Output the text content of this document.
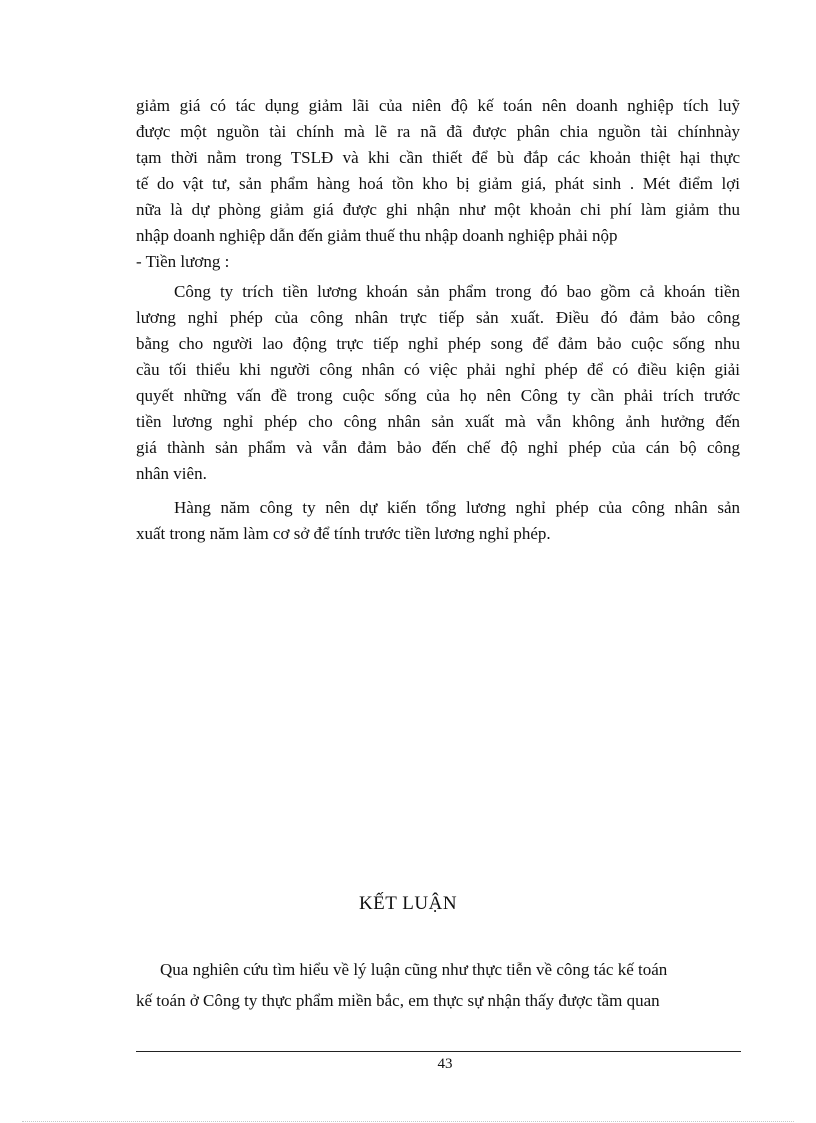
giảm giá có tác dụng giảm lãi của niên độ kế toán nên doanh nghiệp tích luỹ
được một nguồn tài chính mà lẽ ra nã đã được phân chia nguồn tài chínhnày
tạm thời nằm trong TSLĐ và khi cần thiết để bù đắp các khoản thiệt hại thực
tế do vật tư, sản phẩm hàng hoá tồn kho bị giảm giá, phát sinh . Mét điểm lợi
nữa là dự phòng giảm giá được ghi nhận như một khoản chi phí làm giảm thu
nhập doanh nghiệp dẫn đến giảm thuế thu nhập doanh nghiệp phải nộp
- Tiền lương :
Công ty trích tiền lương khoán sản phẩm trong đó bao gồm cả khoán tiền
lương nghỉ phép của công nhân trực tiếp sản xuất. Điều đó đảm bảo công
bằng cho người lao động trực tiếp nghỉ phép song để đảm bảo cuộc sống nhu
cầu tối thiểu khi người công nhân có việc phải nghỉ phép để có điều kiện giải
quyết những vấn đề trong cuộc sống của họ nên Công ty cần phải trích trước
tiền lương nghỉ phép cho công nhân sản xuất mà vẫn không ảnh hưởng đến
giá thành sản phẩm và vẫn đảm bảo đến chế độ nghỉ phép của cán bộ công
nhân viên.
Hàng năm công ty nên dự kiến tổng lương nghỉ phép của công nhân sản
xuất trong năm làm cơ sở để tính trước tiền lương nghỉ phép.
KẾT LUẬN
Qua nghiên cứu tìm hiểu về lý luận cũng như thực tiễn về công tác kế toán
kế toán ở Công ty thực phẩm miền bắc, em thực sự nhận thấy được tầm quan
43
